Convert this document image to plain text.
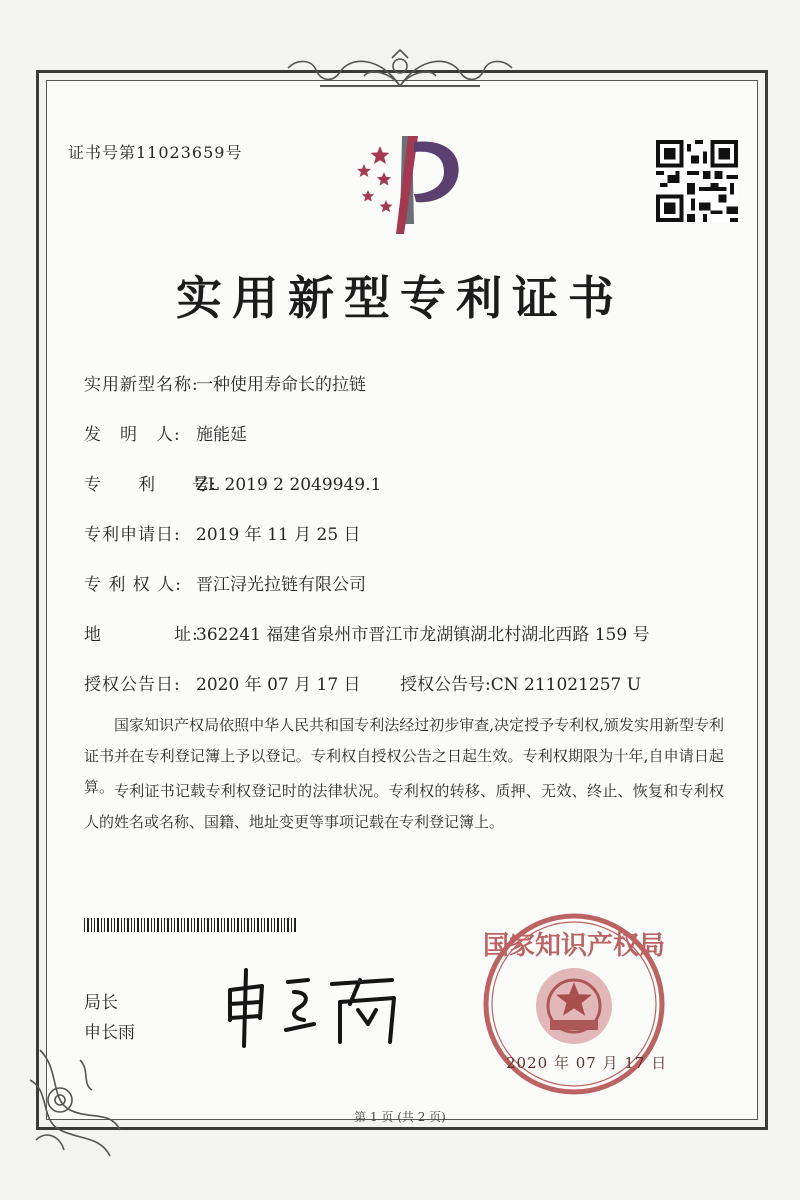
证书号第11023659号
实用新型专利证书
实用新型名称:一种使用寿命长的拉链
发　明　人: 施能延
专　　利　　号:ZL 2019 2 2049949.1
专利申请日: 2019 年 11 月 25 日
专 利 权 人: 晋江浔光拉链有限公司
地　　　　址:362241 福建省泉州市晋江市龙湖镇湖北村湖北西路 159 号
授权公告日: 2020 年 07 月 17 日 授权公告号:CN 211021257 U
国家知识产权局依照中华人民共和国专利法经过初步审查,决定授予专利权,颁发实用新型专利证书并在专利登记簿上予以登记。专利权自授权公告之日起生效。专利权期限为十年,自申请日起算。 专利证书记载专利权登记时的法律状况。专利权的转移、质押、无效、终止、恢复和专利权人的姓名或名称、国籍、地址变更等事项记载在专利登记簿上。
局长
申长雨
国家知识产权局
2020 年 07 月 17 日
第 1 页 (共 2 页)
